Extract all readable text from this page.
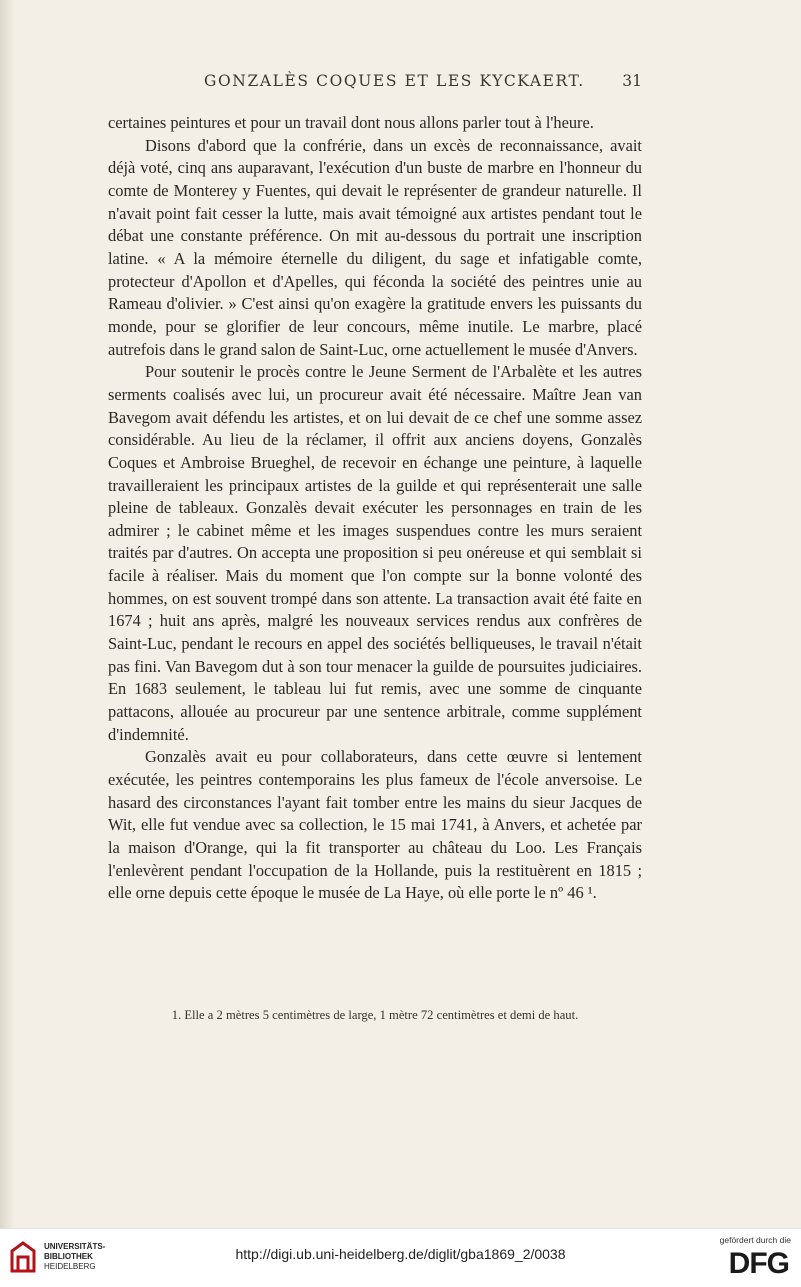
GONZALÈS COQUES ET LES KYCKAERT. 31

certaines peintures et pour un travail dont nous allons parler tout à l'heure.

Disons d'abord que la confrérie, dans un excès de reconnaissance, avait déjà voté, cinq ans auparavant, l'exécution d'un buste de marbre en l'honneur du comte de Monterey y Fuentes, qui devait le représenter de grandeur naturelle. Il n'avait point fait cesser la lutte, mais avait témoigné aux artistes pendant tout le débat une constante préférence. On mit au-dessous du portrait une inscription latine. « A la mémoire éternelle du diligent, du sage et infatigable comte, protecteur d'Apollon et d'Apelles, qui féconda la société des peintres unie au Rameau d'olivier. » C'est ainsi qu'on exagère la gratitude envers les puissants du monde, pour se glorifier de leur concours, même inutile. Le marbre, placé autrefois dans le grand salon de Saint-Luc, orne actuellement le musée d'Anvers.

Pour soutenir le procès contre le Jeune Serment de l'Arbalète et les autres serments coalisés avec lui, un procureur avait été nécessaire. Maître Jean van Bavegom avait défendu les artistes, et on lui devait de ce chef une somme assez considérable. Au lieu de la réclamer, il offrit aux anciens doyens, Gonzalès Coques et Ambroise Brueghel, de recevoir en échange une peinture, à laquelle travailleraient les principaux artistes de la guilde et qui représenterait une salle pleine de tableaux. Gonzalès devait exécuter les personnages en train de les admirer ; le cabinet même et les images suspendues contre les murs seraient traités par d'autres. On accepta une proposition si peu onéreuse et qui semblait si facile à réaliser. Mais du moment que l'on compte sur la bonne volonté des hommes, on est souvent trompé dans son attente. La transaction avait été faite en 1674 ; huit ans après, malgré les nouveaux services rendus aux confrères de Saint-Luc, pendant le recours en appel des sociétés belliqueuses, le travail n'était pas fini. Van Bavegom dut à son tour menacer la guilde de poursuites judiciaires. En 1683 seulement, le tableau lui fut remis, avec une somme de cinquante pattacons, allouée au procureur par une sentence arbitrale, comme supplément d'indemnité.

Gonzalès avait eu pour collaborateurs, dans cette œuvre si lentement exécutée, les peintres contemporains les plus fameux de l'école anversoise. Le hasard des circonstances l'ayant fait tomber entre les mains du sieur Jacques de Wit, elle fut vendue avec sa collection, le 15 mai 1741, à Anvers, et achetée par la maison d'Orange, qui la fit transporter au château du Loo. Les Français l'enlevèrent pendant l'occupation de la Hollande, puis la restituèrent en 1815 ; elle orne depuis cette époque le musée de La Haye, où elle porte le nº 46 ¹.

1. Elle a 2 mètres 5 centimètres de large, 1 mètre 72 centimètres et demi de haut.
UNIVERSITÄTS-
BIBLIOTHEK
HEIDELBERG
http://digi.ub.uni-heidelberg.de/diglit/gba1869_2/0038
gefördert durch die
DFG
